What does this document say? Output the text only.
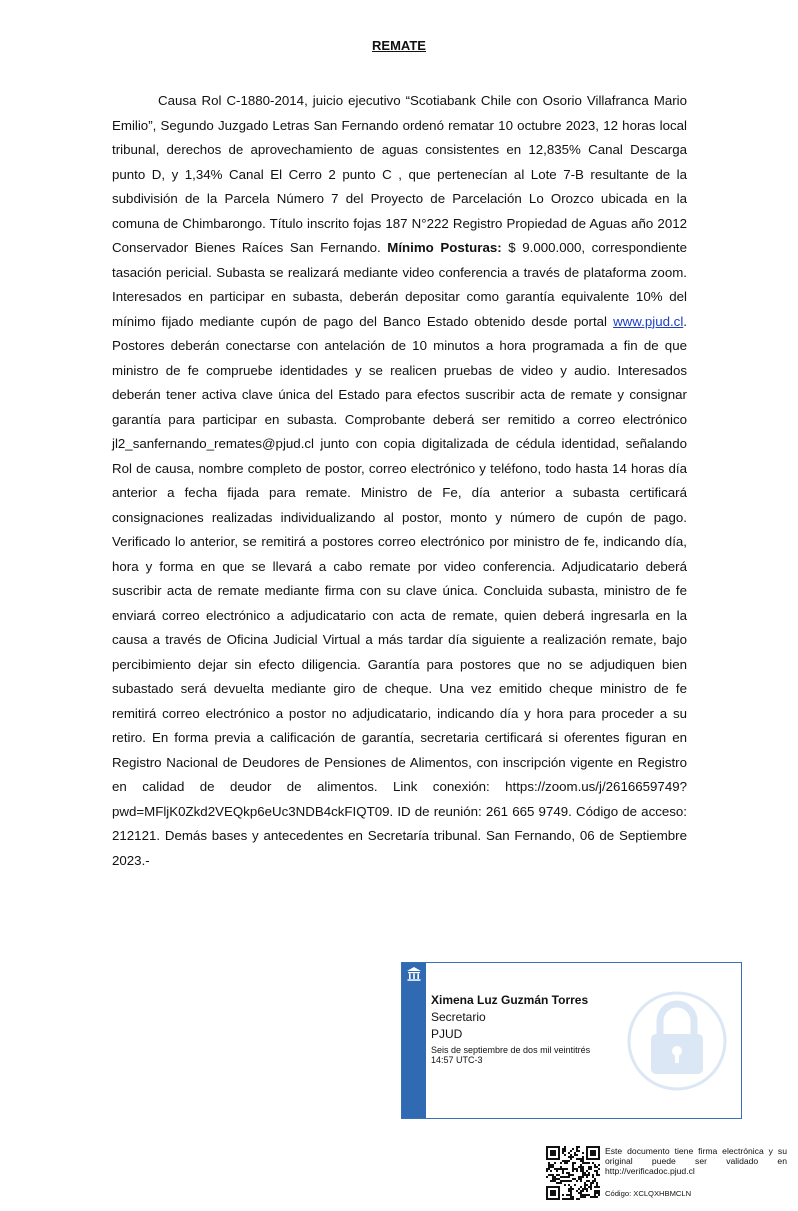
REMATE

Causa Rol C-1880-2014, juicio ejecutivo “Scotiabank Chile con Osorio Villafranca Mario Emilio”, Segundo Juzgado Letras San Fernando ordenó rematar 10 octubre 2023, 12 horas local tribunal, derechos de aprovechamiento de aguas consistentes en 12,835% Canal Descarga punto D, y 1,34% Canal El Cerro 2 punto C , que pertenecían al Lote 7-B resultante de la subdivisión de la Parcela Número 7 del Proyecto de Parcelación Lo Orozco ubicada en la comuna de Chimbarongo. Título inscrito fojas 187 N°222 Registro Propiedad de Aguas año 2012 Conservador Bienes Raíces San Fernando. Mínimo Posturas: $ 9.000.000, correspondiente tasación pericial. Subasta se realizará mediante video conferencia a través de plataforma zoom. Interesados en participar en subasta, deberán depositar como garantía equivalente 10% del mínimo fijado mediante cupón de pago del Banco Estado obtenido desde portal www.pjud.cl. Postores deberán conectarse con antelación de 10 minutos a hora programada a fin de que ministro de fe compruebe identidades y se realicen pruebas de video y audio. Interesados deberán tener activa clave única del Estado para efectos suscribir acta de remate y consignar garantía para participar en subasta. Comprobante deberá ser remitido a correo electrónico jl2_sanfernando_remates@pjud.cl junto con copia digitalizada de cédula identidad, señalando Rol de causa, nombre completo de postor, correo electrónico y teléfono, todo hasta 14 horas día anterior a fecha fijada para remate. Ministro de Fe, día anterior a subasta certificará consignaciones realizadas individualizando al postor, monto y número de cupón de pago. Verificado lo anterior, se remitirá a postores correo electrónico por ministro de fe, indicando día, hora y forma en que se llevará a cabo remate por video conferencia. Adjudicatario deberá suscribir acta de remate mediante firma con su clave única. Concluida subasta, ministro de fe enviará correo electrónico a adjudicatario con acta de remate, quien deberá ingresarla en la causa a través de Oficina Judicial Virtual a más tardar día siguiente a realización remate, bajo percibimiento dejar sin efecto diligencia. Garantía para postores que no se adjudiquen bien subastado será devuelta mediante giro de cheque. Una vez emitido cheque ministro de fe remitirá correo electrónico a postor no adjudicatario, indicando día y hora para proceder a su retiro. En forma previa a calificación de garantía, secretaria certificará si oferentes figuran en Registro Nacional de Deudores de Pensiones de Alimentos, con inscripción vigente en Registro en calidad de deudor de alimentos. Link conexión: https://zoom.us/j/2616659749? pwd=MFljK0Zkd2VEQkp6eUc3NDB4ckFIQT09. ID de reunión: 261 665 9749. Código de acceso: 212121. Demás bases y antecedentes en Secretaría tribunal. San Fernando, 06 de Septiembre 2023.-

Ximena Luz Guzmán Torres
Secretario
PJUD
Seis de septiembre de dos mil veintitrés
14:57 UTC-3
Este documento tiene firma electrónica y su original puede ser validado en http://verificadoc.pjud.cl
Código: XCLQXHBMCLN
